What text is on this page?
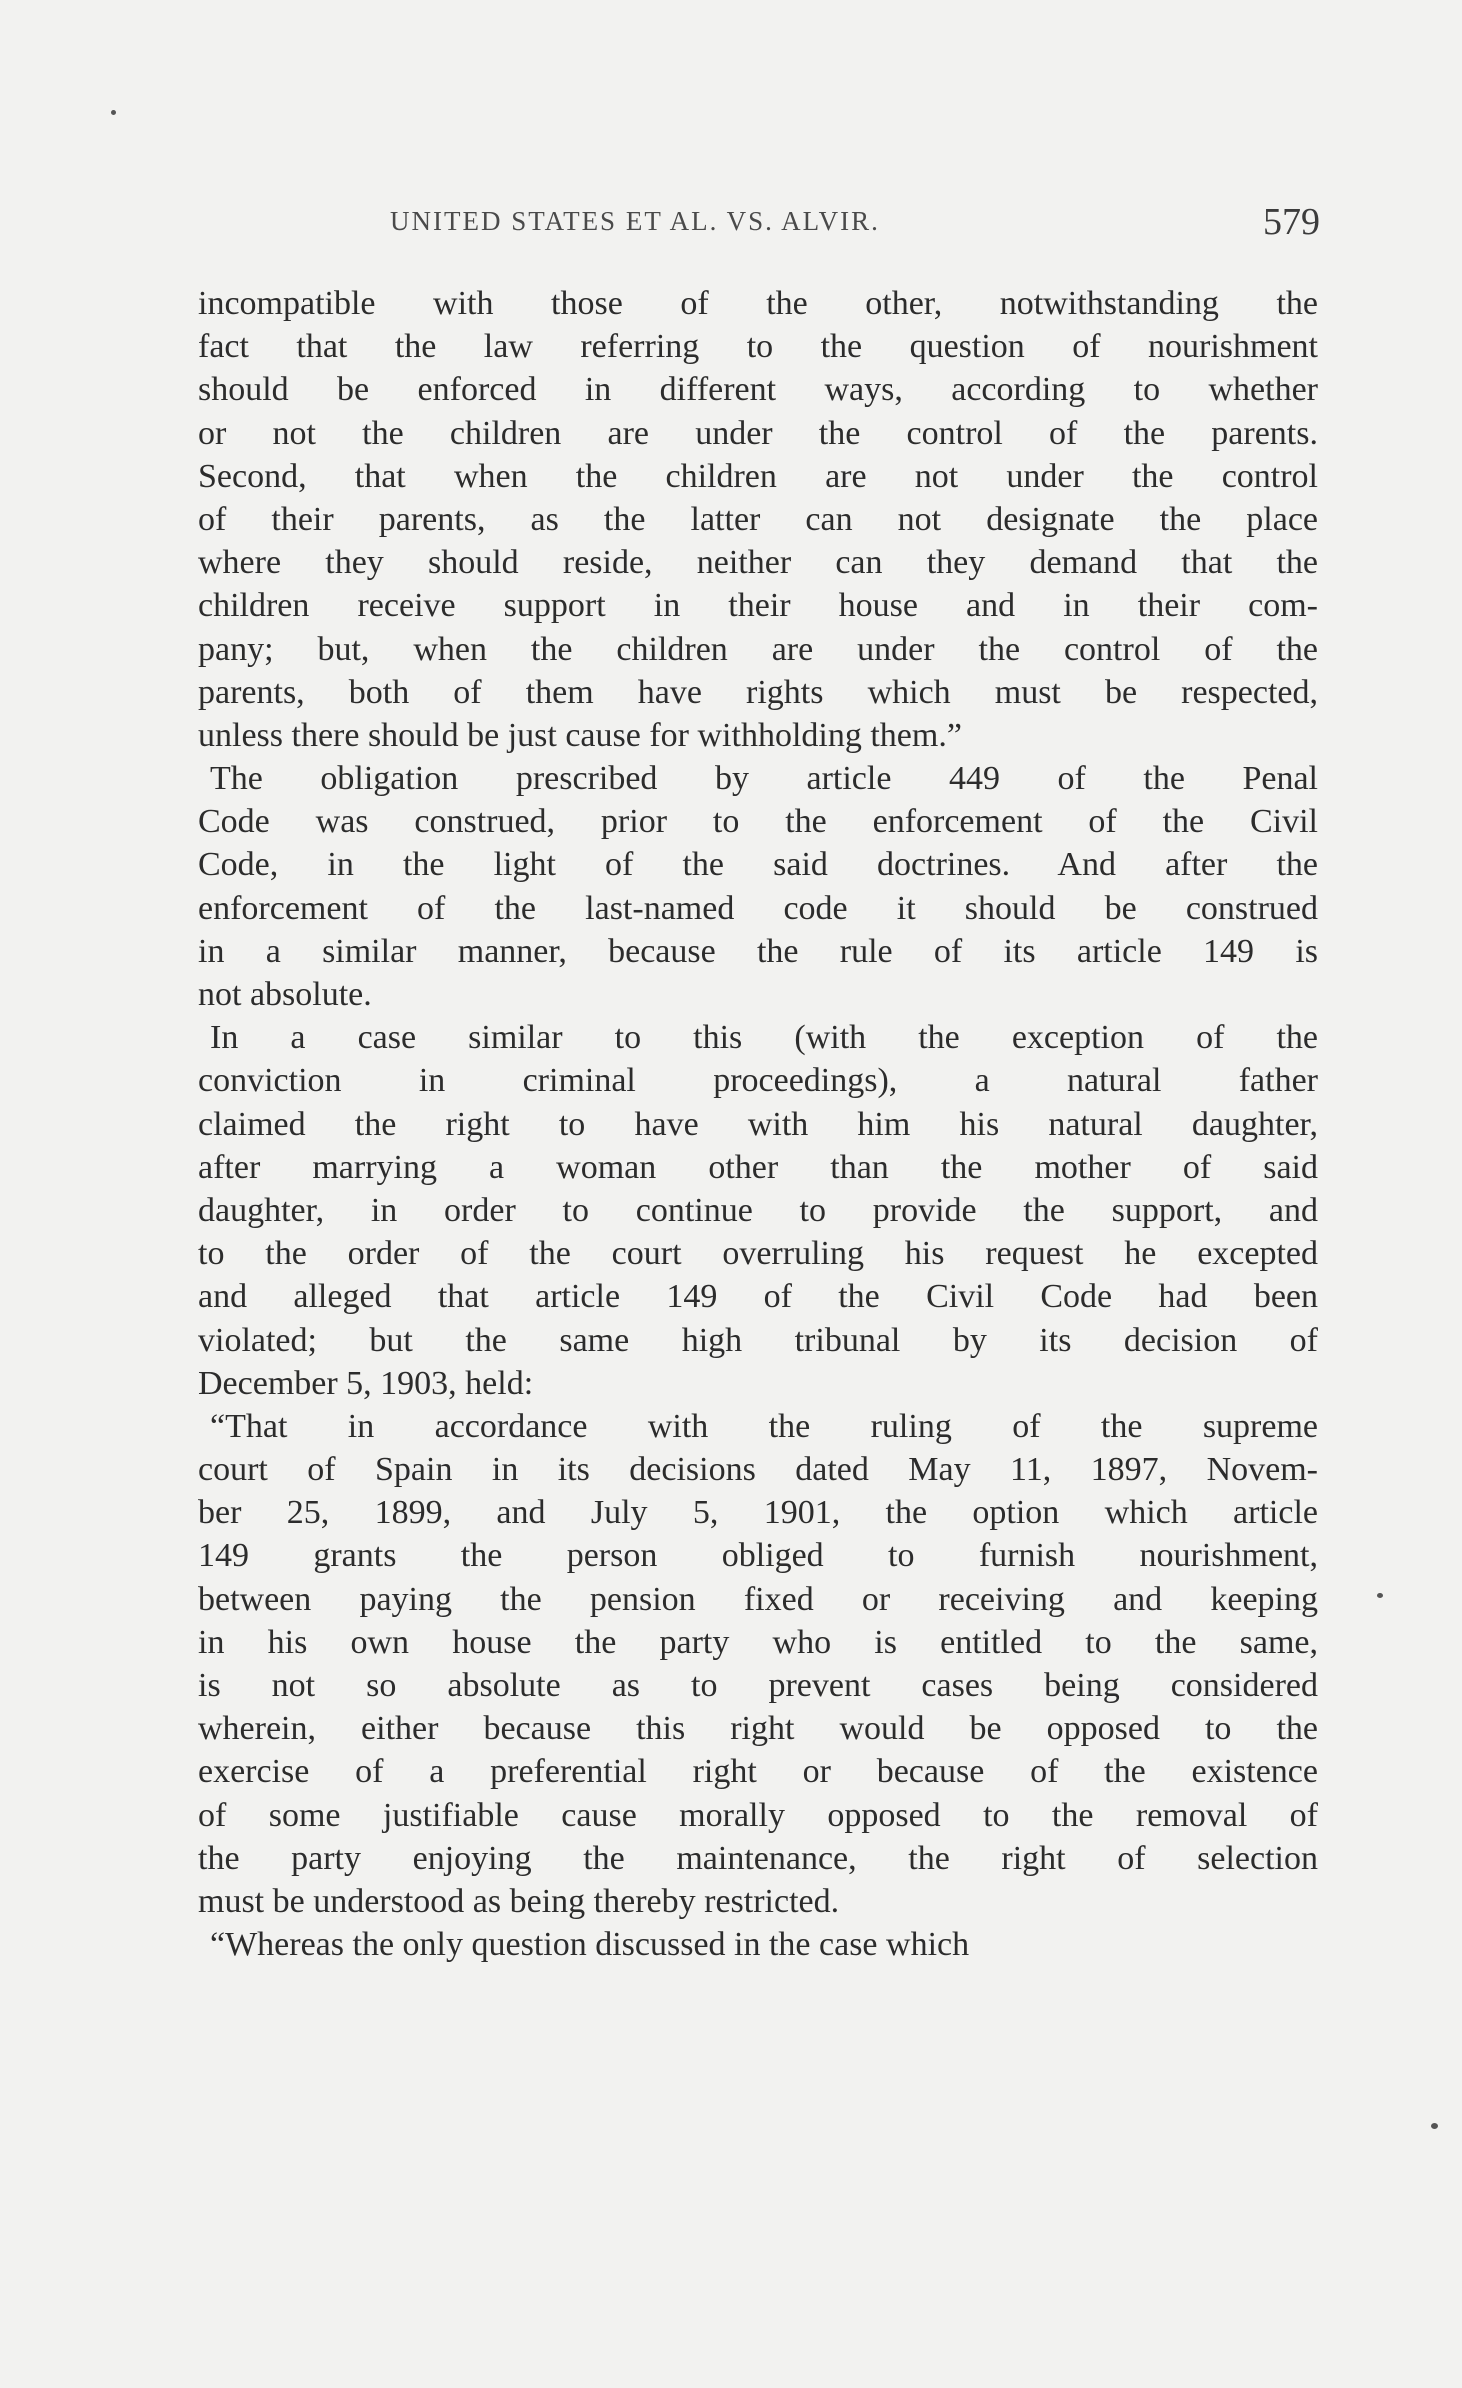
UNITED STATES ET AL. VS. ALVIR.	579
incompatible with those of the other, notwithstanding the
fact that the law referring to the question of nourishment
should be enforced in different ways, according to whether
or not the children are under the control of the parents.
Second, that when the children are not under the control
of their parents, as the latter can not designate the place
where they should reside, neither can they demand that the
children receive support in their house and in their com-
pany; but, when the children are under the control of the
parents, both of them have rights which must be respected,
unless there should be just cause for withholding them.”
The obligation prescribed by article 449 of the Penal
Code was construed, prior to the enforcement of the Civil
Code, in the light of the said doctrines. And after the
enforcement of the last-named code it should be construed
in a similar manner, because the rule of its article 149 is
not absolute.
In a case similar to this (with the exception of the
conviction in criminal proceedings), a natural father
claimed the right to have with him his natural daughter,
after marrying a woman other than the mother of said
daughter, in order to continue to provide the support, and
to the order of the court overruling his request he excepted
and alleged that article 149 of the Civil Code had been
violated; but the same high tribunal by its decision of
December 5, 1903, held:
“That in accordance with the ruling of the supreme
court of Spain in its decisions dated May 11, 1897, Novem-
ber 25, 1899, and July 5, 1901, the option which article
149 grants the person obliged to furnish nourishment,
between paying the pension fixed or receiving and keeping
in his own house the party who is entitled to the same,
is not so absolute as to prevent cases being considered
wherein, either because this right would be opposed to the
exercise of a preferential right or because of the existence
of some justifiable cause morally opposed to the removal of
the party enjoying the maintenance, the right of selection
must be understood as being thereby restricted.
“Whereas the only question discussed in the case which
